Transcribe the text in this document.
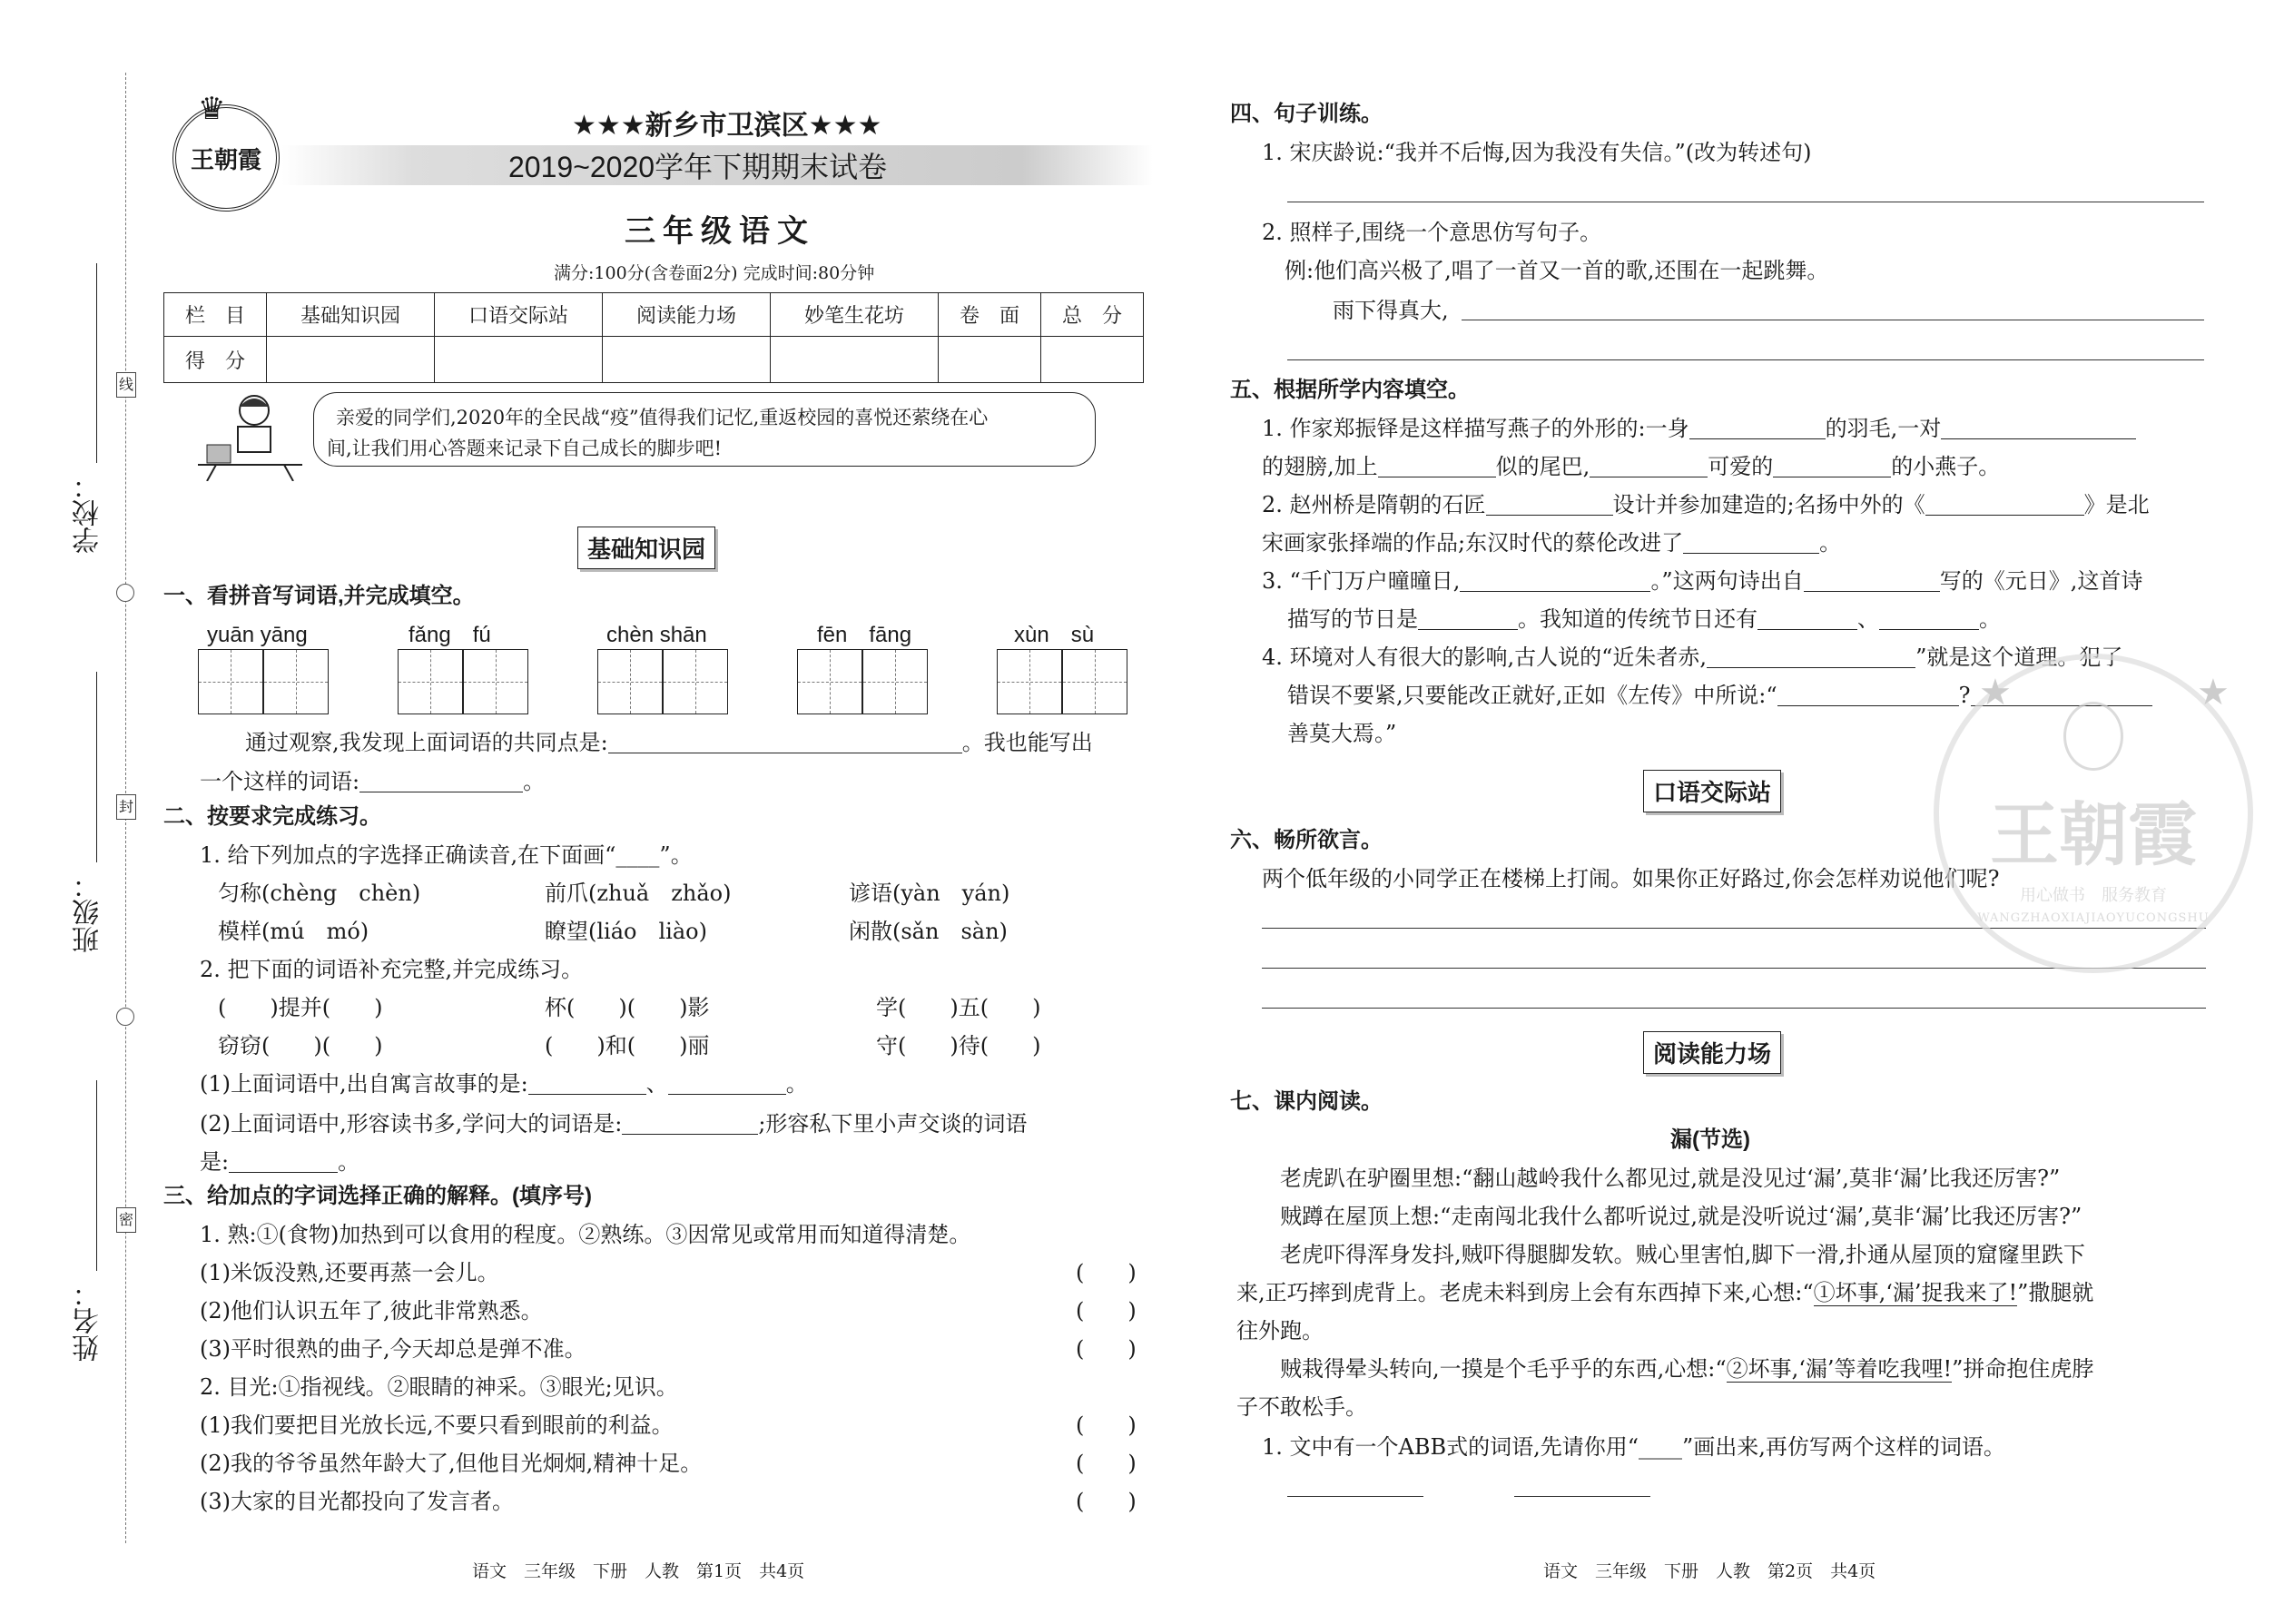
线
封
密
学校：
班级：
姓名：
王朝霞
♛	★★★新乡市卫滨区★★★
2019~2020学年下期期末试卷
三年级语文
满分:100分(含卷面2分) 完成时间:80分钟
栏　目	基础知识园	口语交际站	阅读能力场	妙笔生花坊	卷　面	总　分
得　分						
亲爱的同学们,2020年的全民战“疫”值得我们记忆,重返校园的喜悦还萦绕在心
间,让我们用心答题来记录下自己成长的脚步吧!
基础知识园
一、看拼音写词语,并完成填空。
yuān yāng	fǎng　fú	chèn shān	fēn　fāng	xùn　sù
通过观察,我发现上面词语的共同点是:	。我也能写出
一个这样的词语:	。
二、按要求完成练习。
1. 给下列加点的字选择正确读音,在下面画“____”。
匀称(chèng　chèn)	前爪(zhuǎ　zhǎo)	谚语(yàn　yán)
模样(mú　mó)	瞭望(liáo　liào)	闲散(sǎn　sàn)
2. 把下面的词语补充完整,并完成练习。
(　　)提并(　　)	杯(　　)(　　)影	学(　　)五(　　)
窃窃(　　)(　　)	(　　)和(　　)丽	守(　　)待(　　)
(1)上面词语中,出自寓言故事的是:	、	。
(2)上面词语中,形容读书多,学问大的词语是:	;形容私下里小声交谈的词语
是:	。
三、给加点的字词选择正确的解释。(填序号)
1. 熟:①(食物)加热到可以食用的程度。②熟练。③因常见或常用而知道得清楚。
(1)米饭没熟,还要再蒸一会儿。
(2)他们认识五年了,彼此非常熟悉。
(3)平时很熟的曲子,今天却总是弹不准。
2. 目光:①指视线。②眼睛的神采。③眼光;见识。
(1)我们要把目光放长远,不要只看到眼前的利益。
(2)我的爷爷虽然年龄大了,但他目光炯炯,精神十足。
(3)大家的目光都投向了发言者。
(　　)
(　　)
(　　)
(　　)
(　　)
(　　)
语文　三年级　下册　人教　第1页　共4页
四、句子训练。
1. 宋庆龄说:“我并不后悔,因为我没有失信。”(改为转述句)
2. 照样子,围绕一个意思仿写句子。
例:他们高兴极了,唱了一首又一首的歌,还围在一起跳舞。
雨下得真大,
五、根据所学内容填空。
1. 作家郑振铎是这样描写燕子的外形的:一身	的羽毛,一对
的翅膀,加上	似的尾巴,	可爱的	的小燕子。
2. 赵州桥是隋朝的石匠	设计并参加建造的;名扬中外的《	》是北
宋画家张择端的作品;东汉时代的蔡伦改进了	。
3. “千门万户曈曈日,	。”这两句诗出自	写的《元日》,这首诗
描写的节日是	。我知道的传统节日还有	、	。
4. 环境对人有很大的影响,古人说的“近朱者赤,	”就是这个道理。犯了
错误不要紧,只要能改正就好,正如《左传》中所说:“	?
善莫大焉。”
口语交际站
六、畅所欲言。
两个低年级的小同学正在楼梯上打闹。如果你正好路过,你会怎样劝说他们呢?
阅读能力场
七、课内阅读。
漏(节选)
老虎趴在驴圈里想:“翻山越岭我什么都见过,就是没见过‘漏’,莫非‘漏’比我还厉害?”
贼蹲在屋顶上想:“走南闯北我什么都听说过,就是没听说过‘漏’,莫非‘漏’比我还厉害?”
老虎吓得浑身发抖,贼吓得腿脚发软。贼心里害怕,脚下一滑,扑通从屋顶的窟窿里跌下
来,正巧摔到虎背上。老虎未料到房上会有东西掉下来,心想:“①坏事,‘漏’捉我来了!”撒腿就
往外跑。
贼栽得晕头转向,一摸是个毛乎乎的东西,心想:“②坏事,‘漏’等着吃我哩!”拼命抱住虎脖
子不敢松手。
1. 文中有一个ABB式的词语,先请你用“____”画出来,再仿写两个这样的词语。
语文　三年级　下册　人教　第2页　共4页
王朝霞
用心做书　服务教育
WANGZHAOXIAJIAOYUCONGSHU
★	★
